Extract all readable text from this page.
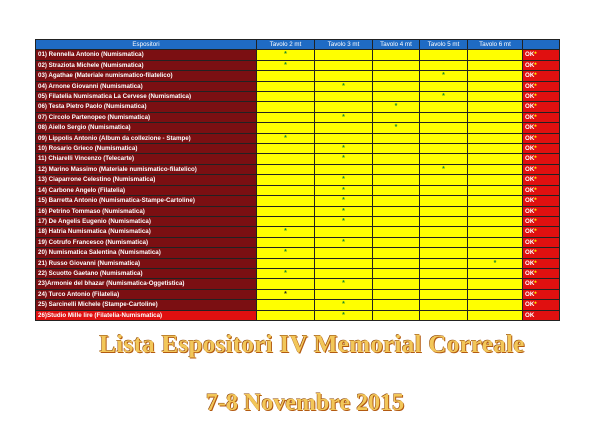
Espositori	Tavolo 2 mt	Tavolo 3 mt	Tavolo 4 mt	Tavolo 5 mt	Tavolo 6 mt	
01) Rennella Antonio (Numismatica)	*					OK*
02) Straziota Michele (Numismatica)	*					OK*
03) Agathae (Materiale numismatico-filatelico)				*		OK*
04) Arnone Giovanni (Numismatica)		*				OK*
05) Filatelia Numismatica La Cervese (Numismatica)				*		OK*
06) Testa Pietro Paolo (Numismatica)			*			OK*
07) Circolo Partenopeo (Numismatica)		*				OK*
08) Aiello Sergio (Numismatica)			*			OK*
09) Lippolis Antonio (Album da collezione - Stampe)	*					OK*
10) Rosario Grieco (Numismatica)		*				OK*
11) Chiarelli Vincenzo (Telecarte)		*				OK*
12) Marino Massimo (Materiale numismatico-filatelico)				*		OK*
13) Ciaparrone Celestino (Numismatica)		*				OK*
14) Carbone Angelo (Filatelia)		*				OK*
15) Barretta Antonio (Numismatica-Stampe-Cartoline)		*				OK*
16) Petrino Tommaso (Numismatica)		*				OK*
17) De Angelis Eugenio (Numismatica)		*				OK*
18) Hatria Numismatica (Numismatica)	*					OK*
19) Cotrufo Francesco (Numismatica)		*				OK*
20) Numismatica Salentina (Numismatica)	*					OK*
21) Russo Giovanni (Numismatica)					*	OK*
22) Scuotto Gaetano (Numismatica)	*					OK*
23)Armonie del bhazar (Numismatica-Oggetistica)		*				OK*
24) Turco Antonio (Filatelia)	*					OK*
25) Sarcinelli Michele (Stampe-Cartoline)		*				OK*
26)Studio Mille lire (Filatelia-Numismatica)		*				OK
Lista Espositori IV Memorial Correale
7-8 Novembre 2015
